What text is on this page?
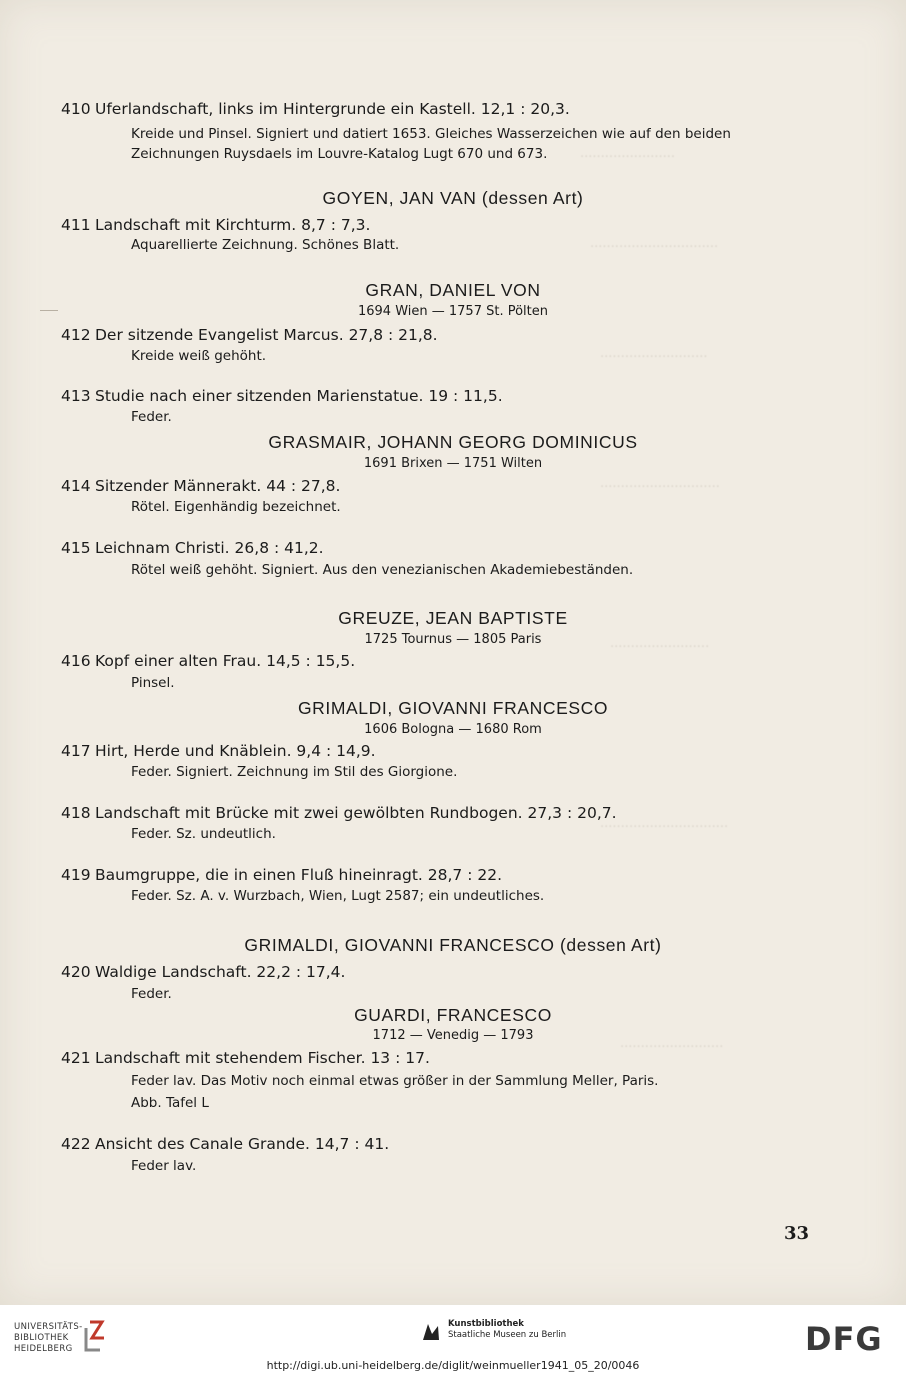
·······················
·······························
··························
·····························
························
·······························
·························
410 Uferlandschaft, links im Hintergrunde ein Kastell. 12,1 : 20,3.
Kreide und Pinsel. Signiert und datiert 1653. Gleiches Wasserzeichen wie auf den beiden
Zeichnungen Ruysdaels im Louvre-Katalog Lugt 670 und 673.
GOYEN, JAN VAN (dessen Art)
411 Landschaft mit Kirchturm. 8,7 : 7,3.
Aquarellierte Zeichnung. Schönes Blatt.
GRAN, DANIEL VON
1694 Wien — 1757 St. Pölten
412 Der sitzende Evangelist Marcus. 27,8 : 21,8.
Kreide weiß gehöht.
413 Studie nach einer sitzenden Marienstatue. 19 : 11,5.
Feder.
GRASMAIR, JOHANN GEORG DOMINICUS
1691 Brixen — 1751 Wilten
414 Sitzender Männerakt. 44 : 27,8.
Rötel. Eigenhändig bezeichnet.
415 Leichnam Christi. 26,8 : 41,2.
Rötel weiß gehöht. Signiert. Aus den venezianischen Akademiebeständen.
GREUZE, JEAN BAPTISTE
1725 Tournus — 1805 Paris
416 Kopf einer alten Frau. 14,5 : 15,5.
Pinsel.
GRIMALDI, GIOVANNI FRANCESCO
1606 Bologna — 1680 Rom
417 Hirt, Herde und Knäblein. 9,4 : 14,9.
Feder. Signiert. Zeichnung im Stil des Giorgione.
418 Landschaft mit Brücke mit zwei gewölbten Rundbogen. 27,3 : 20,7.
Feder. Sz. undeutlich.
419 Baumgruppe, die in einen Fluß hineinragt. 28,7 : 22.
Feder. Sz. A. v. Wurzbach, Wien, Lugt 2587; ein undeutliches.
GRIMALDI, GIOVANNI FRANCESCO (dessen Art)
420 Waldige Landschaft. 22,2 : 17,4.
Feder.
GUARDI, FRANCESCO
1712 — Venedig — 1793
421 Landschaft mit stehendem Fischer. 13 : 17.
Feder lav. Das Motiv noch einmal etwas größer in der Sammlung Meller, Paris.
Abb. Tafel L
422 Ansicht des Canale Grande. 14,7 : 41.
Feder lav.
33
UNIVERSITÄTS-
BIBLIOTHEK
HEIDELBERG
Kunstbibliothek
Staatliche Museen zu Berlin	DFG
http://digi.ub.uni-heidelberg.de/diglit/weinmueller1941_05_20/0046
